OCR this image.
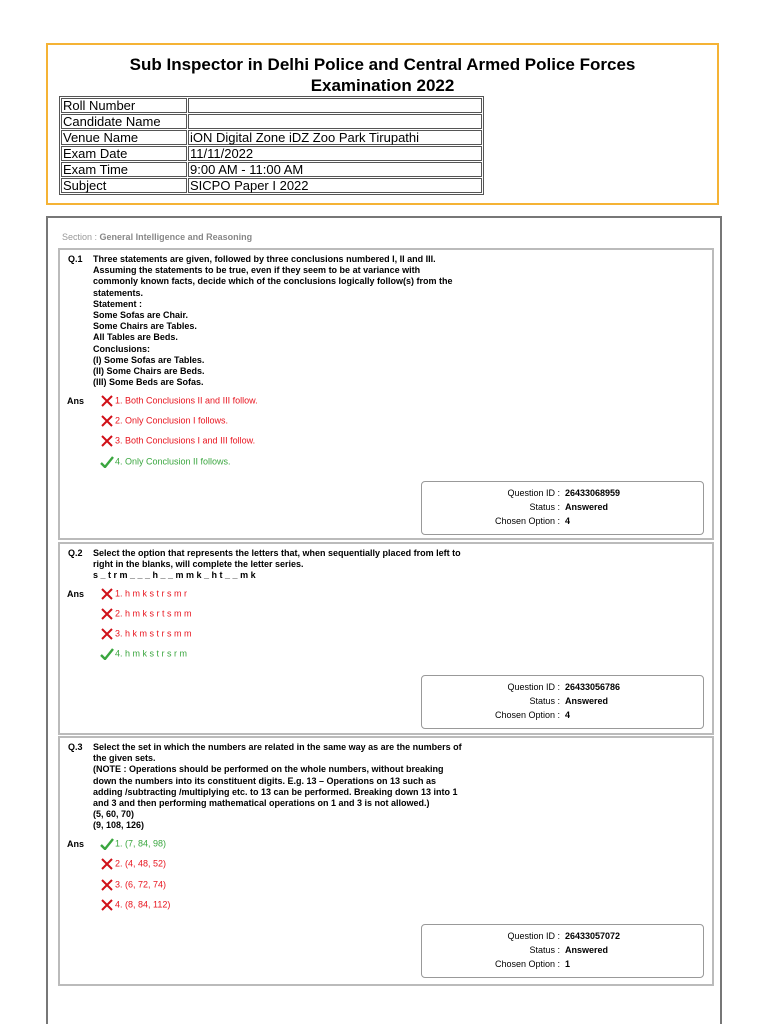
Sub Inspector in Delhi Police and Central Armed Police Forces
Examination 2022
Roll Number	
Candidate Name	
Venue Name	iON Digital Zone iDZ Zoo Park Tirupathi
Exam Date	11/11/2022
Exam Time	9:00 AM - 11:00 AM
Subject	SICPO Paper I 2022
Section : General Intelligence and Reasoning
Q.1 Three statements are given, followed by three conclusions numbered I, II and III.
Assuming the statements to be true, even if they seem to be at variance with
commonly known facts, decide which of the conclusions logically follow(s) from the
statements.
Statement :
Some Sofas are Chair.
Some Chairs are Tables.
All Tables are Beds.
Conclusions:
(I) Some Sofas are Tables.
(II) Some Chairs are Beds.
(III) Some Beds are Sofas.
Ans	1. Both Conclusions II and III follow.
2. Only Conclusion I follows.
3. Both Conclusions I and III follow.
4. Only Conclusion II follows.
Question ID : 26433068959
Status : Answered
Chosen Option : 4
Q.2 Select the option that represents the letters that, when sequentially placed from left to
right in the blanks, will complete the letter series.
s _ t r m _ _ _ h _ _ m m k _ h t _ _ m k
Ans	1. h m k s t r s m r
2. h m k s r t s m m
3. h k m s t r s m m
4. h m k s t r s r m
Question ID : 26433056786
Status : Answered
Chosen Option : 4
Q.3 Select the set in which the numbers are related in the same way as are the numbers of
the given sets.
(NOTE : Operations should be performed on the whole numbers, without breaking
down the numbers into its constituent digits. E.g. 13 – Operations on 13 such as
adding /subtracting /multiplying etc. to 13 can be performed. Breaking down 13 into 1
and 3 and then performing mathematical operations on 1 and 3 is not allowed.)
(5, 60, 70)
(9, 108, 126)
Ans	1. (7, 84, 98)
2. (4, 48, 52)
3. (6, 72, 74)
4. (8, 84, 112)
Question ID : 26433057072
Status : Answered
Chosen Option : 1
